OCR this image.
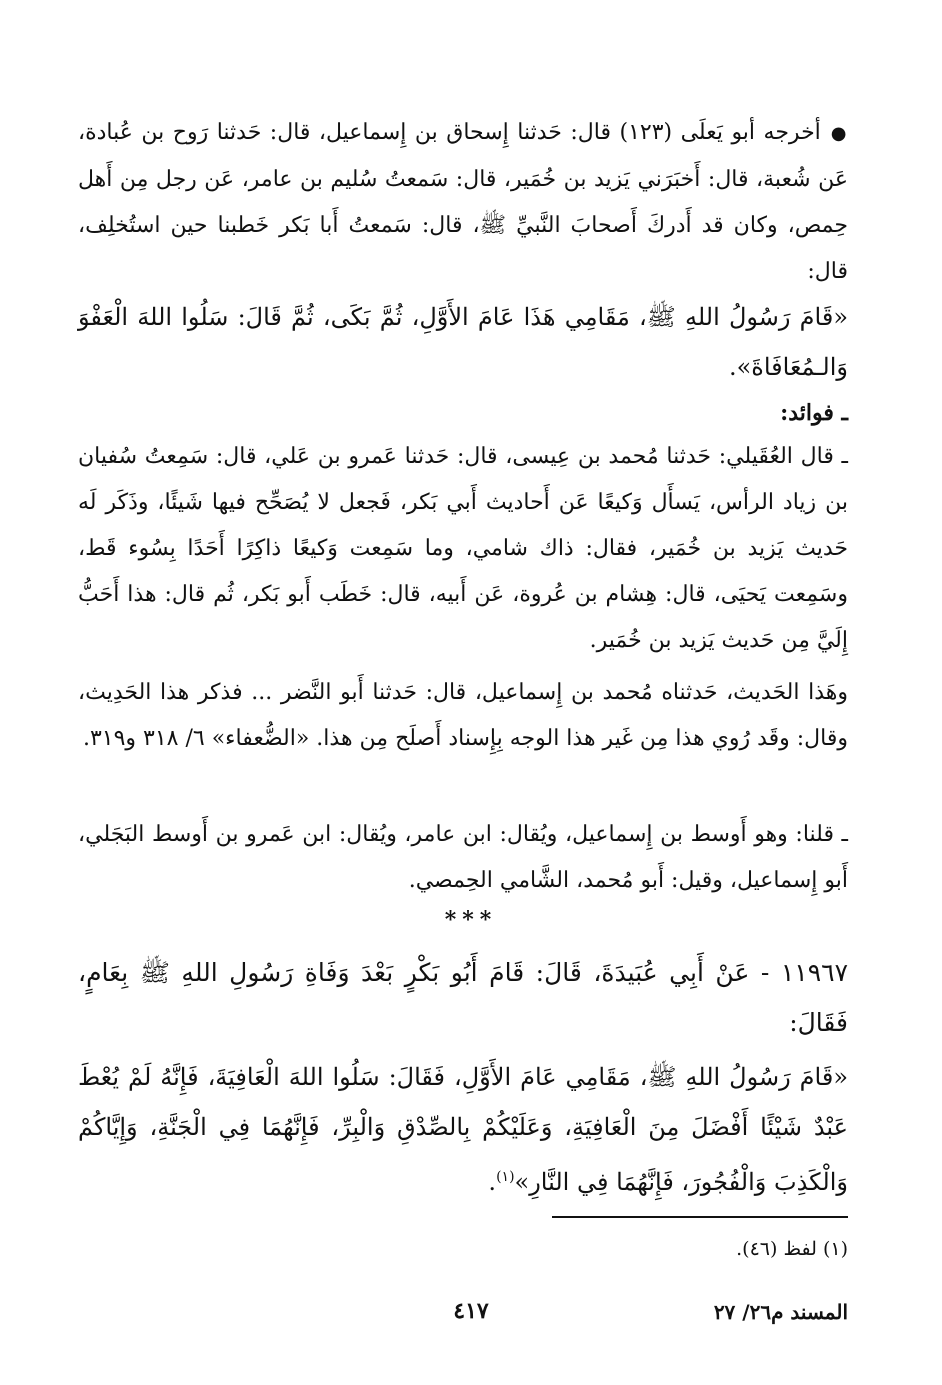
●أخرجه أبو يَعلَى (١٢٣) قال: حَدثنا إِسحاق بن إِسماعيل، قال: حَدثنا رَوح بن عُبادة، عَن شُعبة، قال: أَخبَرَني يَزيد بن خُمَير، قال: سَمعتُ سُليم بن عامر، عَن رجل مِن أَهل حِمص، وكان قد أَدركَ أَصحابَ النَّبيِّ ﷺ، قال: سَمعتُ أَبا بَكر خَطبنا حين استُخلِف، قال:
«قَامَ رَسُولُ اللهِ ﷺ، مَقَامِي هَذَا عَامَ الأَوَّلِ، ثُمَّ بَكَى، ثُمَّ قَالَ: سَلُوا اللهَ الْعَفْوَ وَالـمُعَافَاةَ».
ـ فوائد:
ـ قال العُقَيلي: حَدثنا مُحمد بن عِيسى، قال: حَدثنا عَمرو بن عَلي، قال: سَمِعتُ سُفيان بن زياد الرأس، يَسأَل وَكيعًا عَن أَحاديث أَبي بَكر، فَجعل لا يُصَحِّح فيها شَيئًا، وذَكَر لَه حَديث يَزيد بن خُمَير، فقال: ذاك شامي، وما سَمِعت وَكيعًا ذاكِرًا أَحَدًا بِسُوء قَط، وسَمِعت يَحيَى، قال: هِشام بن عُروة، عَن أَبيه، قال: خَطَب أَبو بَكر، ثُم قال: هذا أَحَبُّ إِلَيَّ مِن حَديث يَزيد بن خُمَير.
وهَذا الحَديث، حَدثناه مُحمد بن إِسماعيل، قال: حَدثنا أَبو النَّضر ... فذكر هذا الحَدِيث، وقال: وقَد رُوي هذا مِن غَير هذا الوجه بِإِسناد أَصلَح مِن هذا. «الضُّعفاء» ٦/ ٣١٨ و٣١٩.
ـ قلنا: وهو أَوسط بن إِسماعيل، ويُقال: ابن عامر، ويُقال: ابن عَمرو بن أَوسط البَجَلي، أَبو إِسماعيل، وقيل: أَبو مُحمد، الشَّامي الحِمصي.
***
١١٩٦٧ - عَنْ أَبِي عُبَيدَةَ، قَالَ: قَامَ أَبُو بَكْرٍ بَعْدَ وَفَاةِ رَسُولِ اللهِ ﷺ بِعَامٍ، فَقَالَ:
«قَامَ رَسُولُ اللهِ ﷺ، مَقَامِي عَامَ الأَوَّلِ، فَقَالَ: سَلُوا اللهَ الْعَافِيَةَ، فَإِنَّهُ لَمْ يُعْطَ عَبْدٌ شَيْئًا أَفْضَلَ مِنَ الْعَافِيَةِ، وَعَلَيْكُمْ بِالصِّدْقِ وَالْبِرِّ، فَإِنَّهُمَا فِي الْجَنَّةِ، وَإِيَّاكُمْ وَالْكَذِبَ وَالْفُجُورَ، فَإِنَّهُمَا فِي النَّارِ»$^{(١)}$.
(١) لفظ (٤٦).
المسند م٢٦/ ٢٧
٤١٧
